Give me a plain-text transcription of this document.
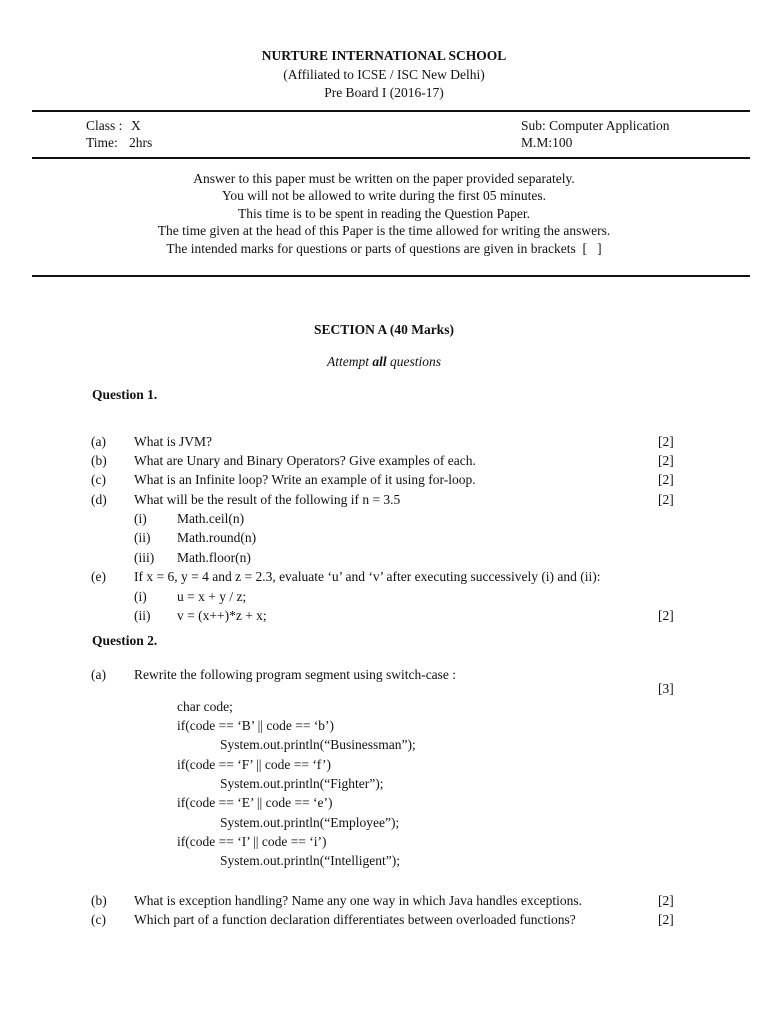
NURTURE INTERNATIONAL SCHOOL
(Affiliated to ICSE / ISC New Delhi)
Pre Board I (2016-17)
Class : X
Time: 2hrs
Sub: Computer Application
M.M:100
Answer to this paper must be written on the paper provided separately.
You will not be allowed to write during the first 05 minutes.
This time is to be spent in reading the Question Paper.
The time given at the head of this Paper is the time allowed for writing the answers.
The intended marks for questions or parts of questions are given in brackets  [   ]
SECTION A (40 Marks)
Attempt all questions
Question 1.
(a) What is JVM?	[2]
(b) What are Unary and Binary Operators? Give examples of each.	[2]
(c) What is an Infinite loop? Write an example of it using for-loop.	[2]
(d) What will be the result of the following if n = 3.5	[2]
(i) Math.ceil(n)
(ii) Math.round(n)
(iii) Math.floor(n)
(e) If x = 6, y = 4 and z = 2.3, evaluate ‘u’ and ‘v’ after executing successively (i) and (ii):
(i) u = x + y / z;
(ii) v = (x++)*z + x;	[2]
Question 2.
(a) Rewrite the following program segment using switch-case :
[3]
char code;
if(code == ‘B’ || code == ‘b’)
System.out.println(“Businessman”);
if(code == ‘F’ || code == ‘f’)
System.out.println(“Fighter”);
if(code == ‘E’ || code == ‘e’)
System.out.println(“Employee”);
if(code == ‘I’ || code == ‘i’)
System.out.println(“Intelligent”);
(b) What is exception handling? Name any one way in which Java handles exceptions.	[2]
(c) Which part of a function declaration differentiates between overloaded functions?	[2]
